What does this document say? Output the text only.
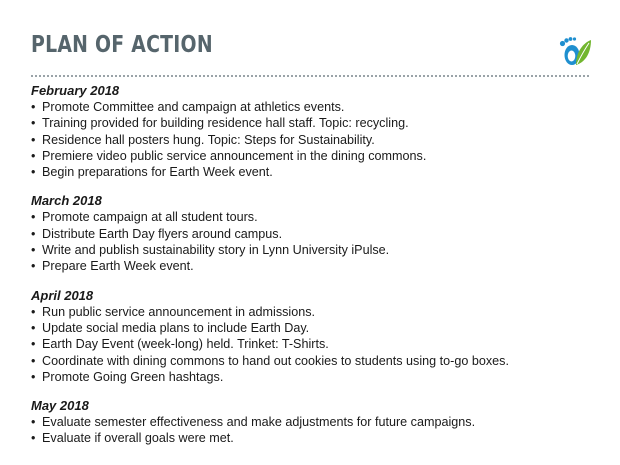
PLAN OF ACTION

February 2018

• Promote Committee and campaign at athletics events.
• Training provided for building residence hall staff. Topic: recycling.
• Residence hall posters hung. Topic: Steps for Sustainability.
• Premiere video public service announcement in the dining commons.
• Begin preparations for Earth Week event.

March 2018

• Promote campaign at all student tours.
• Distribute Earth Day flyers around campus.
• Write and publish sustainability story in Lynn University iPulse.
• Prepare Earth Week event.

April 2018

• Run public service announcement in admissions.
• Update social media plans to include Earth Day.
• Earth Day Event (week-long) held. Trinket: T-Shirts.
• Coordinate with dining commons to hand out cookies to students using to-go boxes.
• Promote Going Green hashtags.

May 2018

• Evaluate semester effectiveness and make adjustments for future campaigns.
• Evaluate if overall goals were met.
